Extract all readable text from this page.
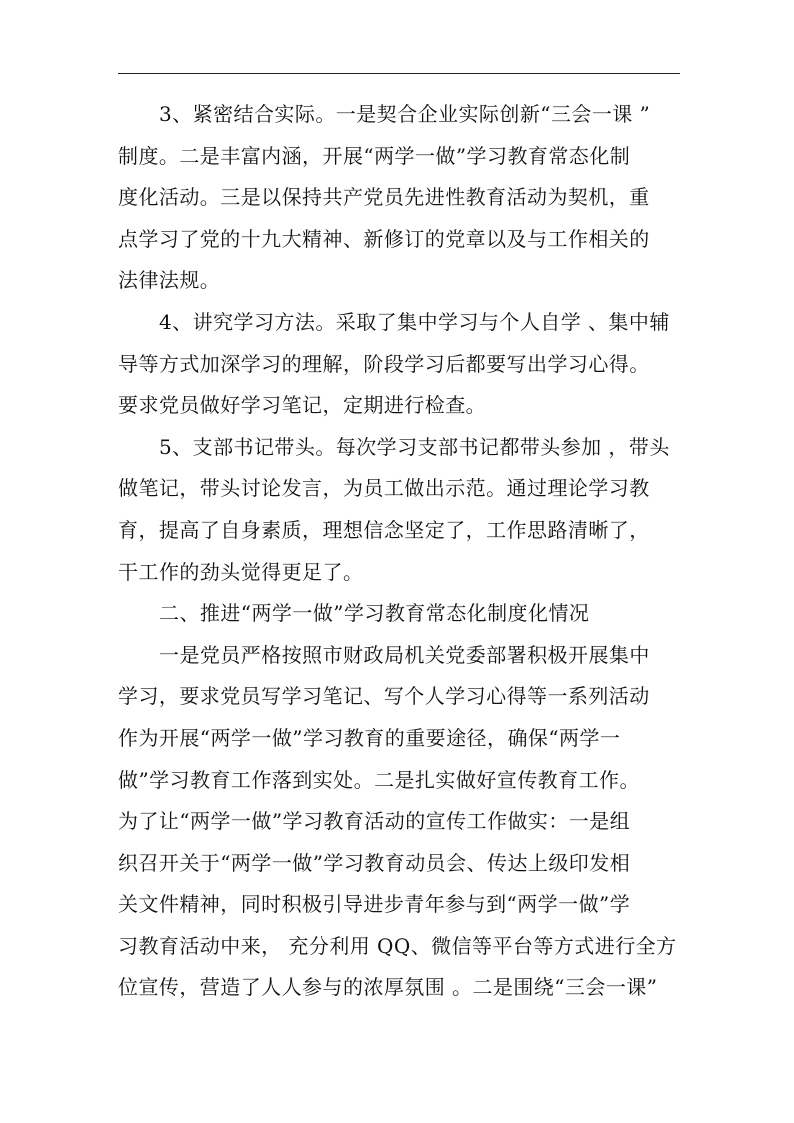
3、紧密结合实际。一是契合企业实际创新“三会一课 ”
制度。二是丰富内涵，开展“两学一做”学习教育常态化制
度化活动。三是以保持共产党员先进性教育活动为契机，重
点学习了党的十九大精神、新修订的党章以及与工作相关的
法律法规。
4、讲究学习方法。采取了集中学习与个人自学 、集中辅
导等方式加深学习的理解，阶段学习后都要写出学习心得。
要求党员做好学习笔记，定期进行检查。
5、支部书记带头。每次学习支部书记都带头参加 ，带头
做笔记，带头讨论发言，为员工做出示范。通过理论学习教
育，提高了自身素质，理想信念坚定了，工作思路清晰了，
干工作的劲头觉得更足了。
二、推进“两学一做”学习教育常态化制度化情况
一是党员严格按照市财政局机关党委部署积极开展集中
学习，要求党员写学习笔记、写个人学习心得等一系列活动
作为开展“两学一做”学习教育的重要途径，确保“两学一
做”学习教育工作落到实处。二是扎实做好宣传教育工作。
为了让“两学一做”学习教育活动的宣传工作做实：一是组
织召开关于“两学一做”学习教育动员会、传达上级印发相
关文件精神，同时积极引导进步青年参与到“两学一做”学
习教育活动中来， 充分利用 QQ、微信等平台等方式进行全方
位宣传，营造了人人参与的浓厚氛围 。二是围绕“三会一课”
